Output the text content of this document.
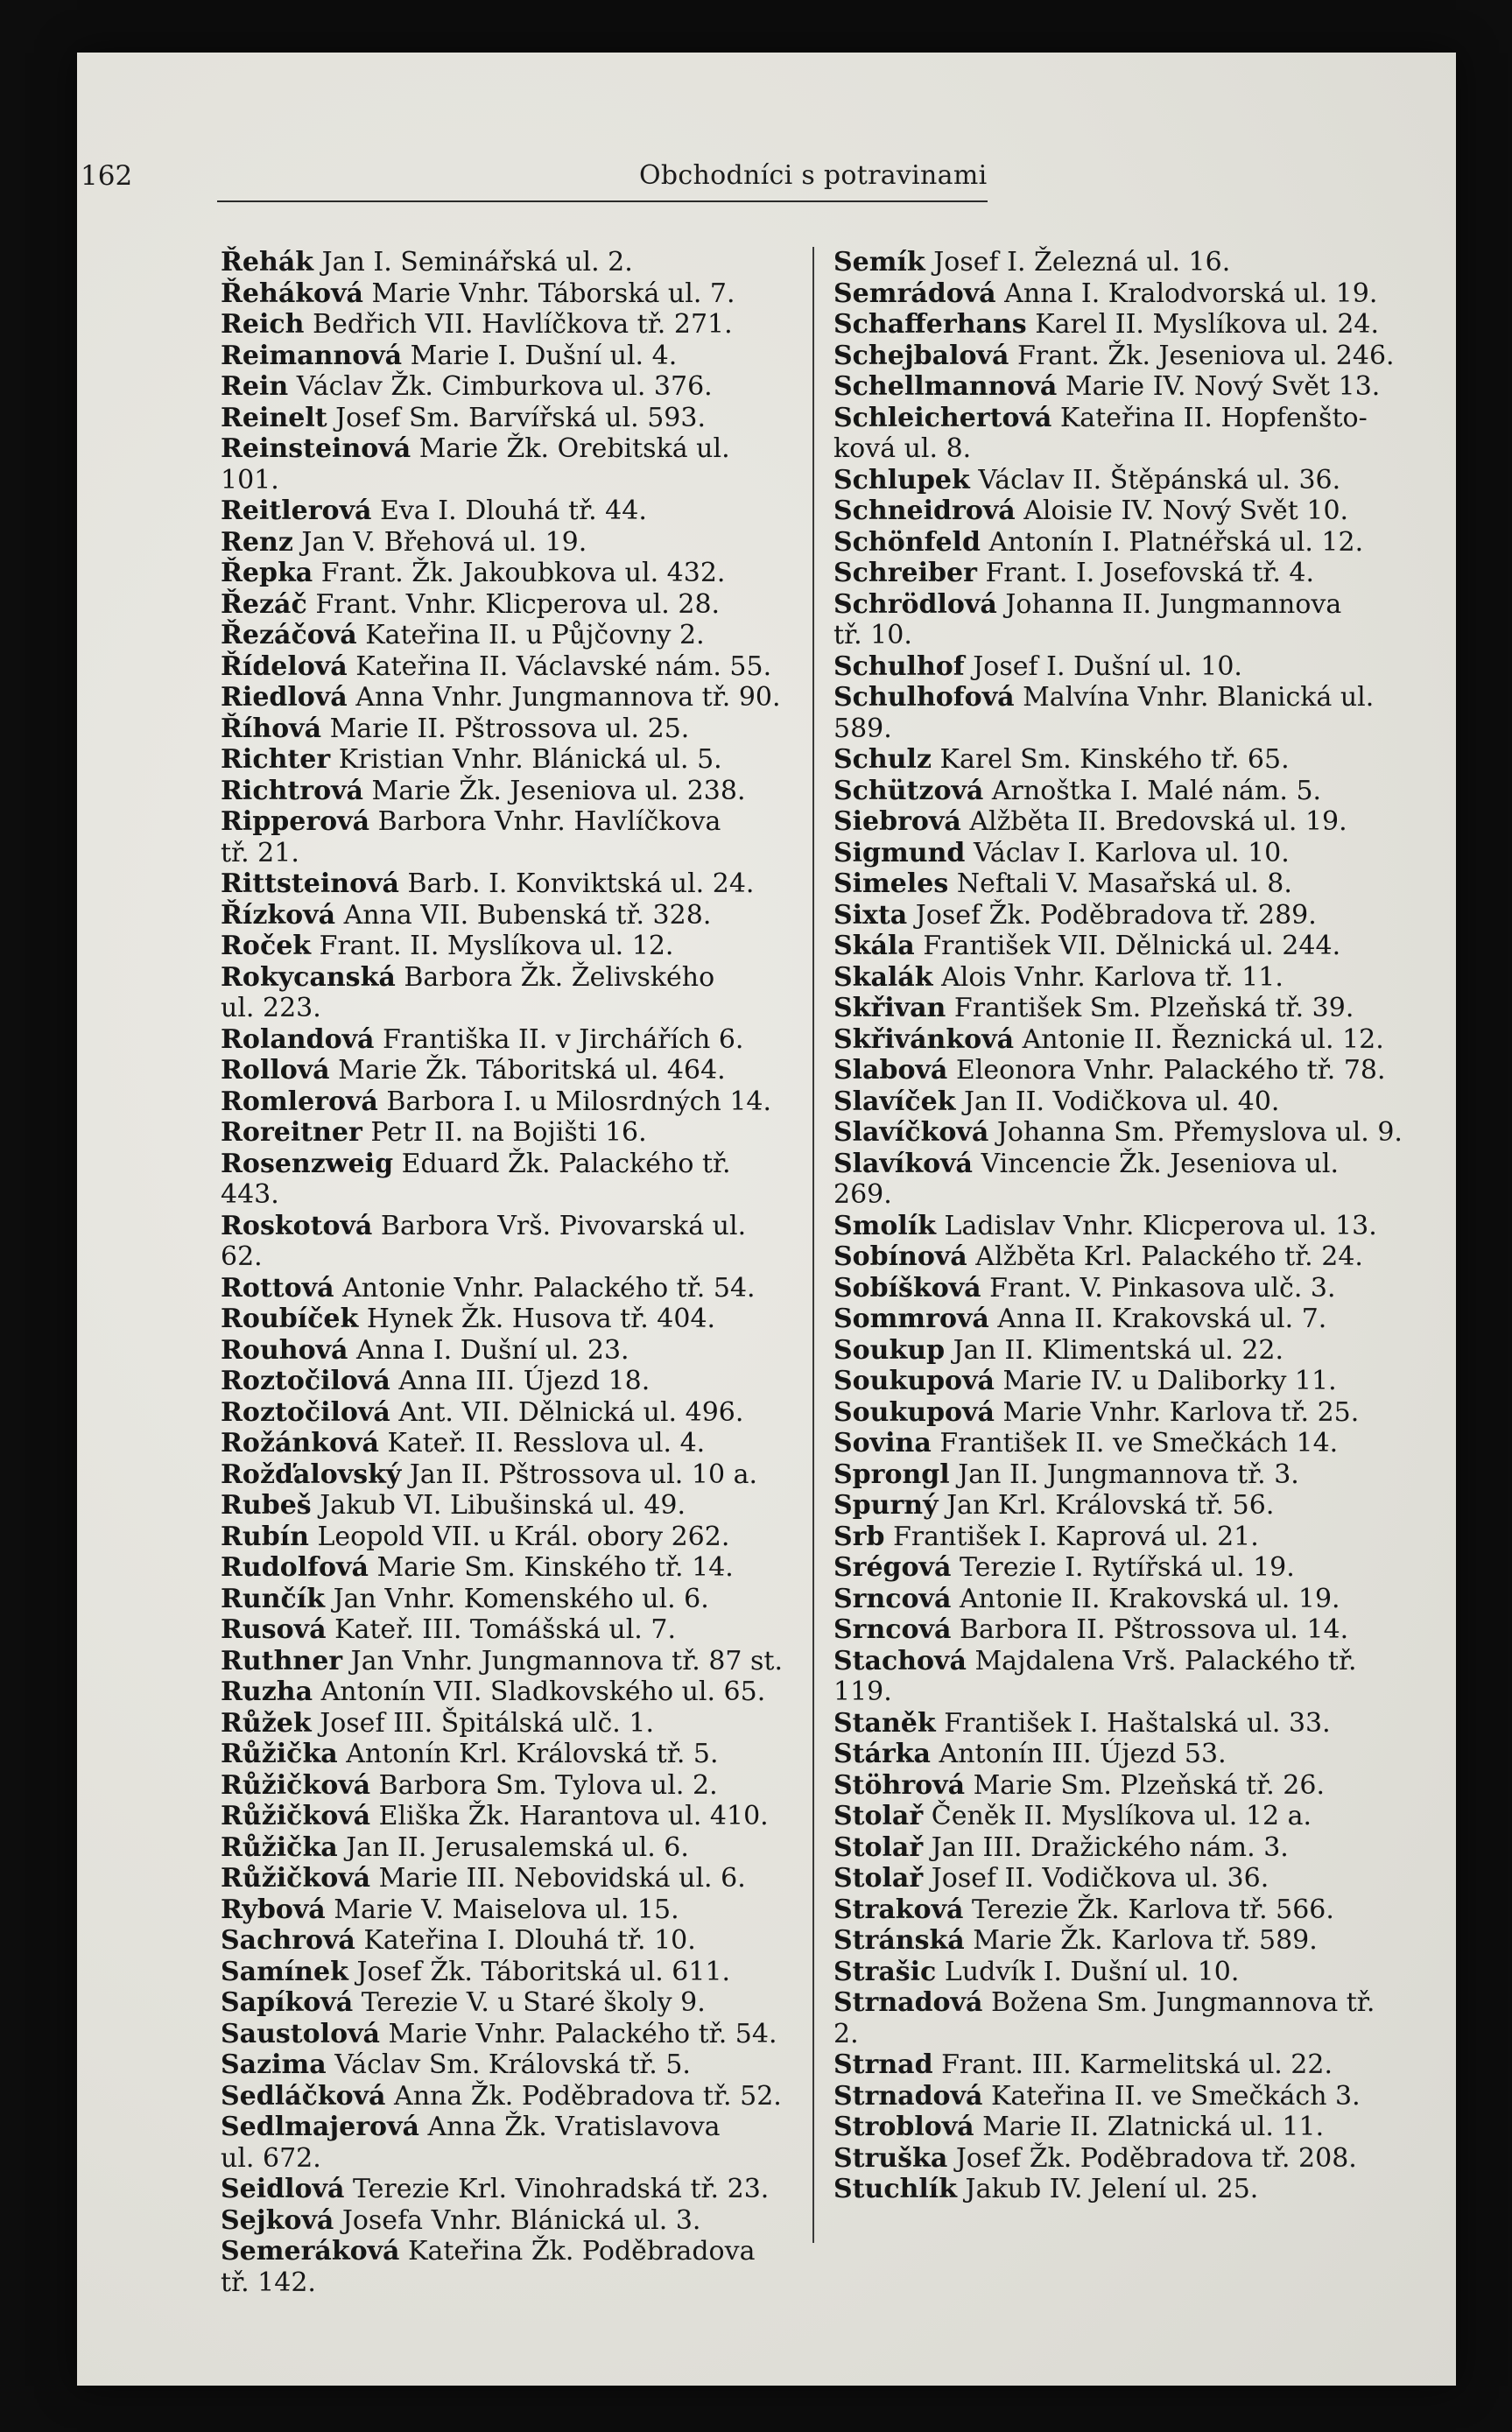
162	Obchodníci s potravinami
Řehák Jan I. Seminářská ul. 2.
Řeháková Marie Vnhr. Táborská ul. 7.
Reich Bedřich VII. Havlíčkova tř. 271.
Reimannová Marie I. Dušní ul. 4.
Rein Václav Žk. Cimburkova ul. 376.
Reinelt Josef Sm. Barvířská ul. 593.
Reinsteinová Marie Žk. Orebitská ul. 101.
Reitlerová Eva I. Dlouhá tř. 44.
Renz Jan V. Břehová ul. 19.
Řepka Frant. Žk. Jakoubkova ul. 432.
Řezáč Frant. Vnhr. Klicperova ul. 28.
Řezáčová Kateřina II. u Půjčovny 2.
Řídelová Kateřina II. Václavské nám. 55.
Riedlová Anna Vnhr. Jungmannova tř. 90.
Říhová Marie II. Pštrossova ul. 25.
Richter Kristian Vnhr. Blánická ul. 5.
Richtrová Marie Žk. Jeseniova ul. 238.
Ripperová Barbora Vnhr. Havlíčkova
tř. 21.
Rittsteinová Barb. I. Konviktská ul. 24.
Řízková Anna VII. Bubenská tř. 328.
Roček Frant. II. Myslíkova ul. 12.
Rokycanská Barbora Žk. Želivského
ul. 223.
Rolandová Františka II. v Jirchářích 6.
Rollová Marie Žk. Táboritská ul. 464.
Romlerová Barbora I. u Milosrdných 14.
Roreitner Petr II. na Bojišti 16.
Rosenzweig Eduard Žk. Palackého tř. 443.
Roskotová Barbora Vrš. Pivovarská ul. 62.
Rottová Antonie Vnhr. Palackého tř. 54.
Roubíček Hynek Žk. Husova tř. 404.
Rouhová Anna I. Dušní ul. 23.
Roztočilová Anna III. Újezd 18.
Roztočilová Ant. VII. Dělnická ul. 496.
Rožánková Kateř. II. Resslova ul. 4.
Rožďalovský Jan II. Pštrossova ul. 10 a.
Rubeš Jakub VI. Libušinská ul. 49.
Rubín Leopold VII. u Král. obory 262.
Rudolfová Marie Sm. Kinského tř. 14.
Runčík Jan Vnhr. Komenského ul. 6.
Rusová Kateř. III. Tomášská ul. 7.
Ruthner Jan Vnhr. Jungmannova tř. 87 st.
Ruzha Antonín VII. Sladkovského ul. 65.
Růžek Josef III. Špitálská ulč. 1.
Růžička Antonín Krl. Královská tř. 5.
Růžičková Barbora Sm. Tylova ul. 2.
Růžičková Eliška Žk. Harantova ul. 410.
Růžička Jan II. Jerusalemská ul. 6.
Růžičková Marie III. Nebovidská ul. 6.
Rybová Marie V. Maiselova ul. 15.
Sachrová Kateřina I. Dlouhá tř. 10.
Samínek Josef Žk. Táboritská ul. 611.
Sapíková Terezie V. u Staré školy 9.
Saustolová Marie Vnhr. Palackého tř. 54.
Sazima Václav Sm. Královská tř. 5.
Sedláčková Anna Žk. Poděbradova tř. 52.
Sedlmajerová Anna Žk. Vratislavova
ul. 672.
Seidlová Terezie Krl. Vinohradská tř. 23.
Sejková Josefa Vnhr. Blánická ul. 3.
Semeráková Kateřina Žk. Poděbradova
tř. 142.
Semík Josef I. Železná ul. 16.
Semrádová Anna I. Kralodvorská ul. 19.
Schafferhans Karel II. Myslíkova ul. 24.
Schejbalová Frant. Žk. Jeseniova ul. 246.
Schellmannová Marie IV. Nový Svět 13.
Schleichertová Kateřina II. Hopfenšto-
ková ul. 8.
Schlupek Václav II. Štěpánská ul. 36.
Schneidrová Aloisie IV. Nový Svět 10.
Schönfeld Antonín I. Platnéřská ul. 12.
Schreiber Frant. I. Josefovská tř. 4.
Schrödlová Johanna II. Jungmannova
tř. 10.
Schulhof Josef I. Dušní ul. 10.
Schulhofová Malvína Vnhr. Blanická ul.
589.
Schulz Karel Sm. Kinského tř. 65.
Schützová Arnoštka I. Malé nám. 5.
Siebrová Alžběta II. Bredovská ul. 19.
Sigmund Václav I. Karlova ul. 10.
Simeles Neftali V. Masařská ul. 8.
Sixta Josef Žk. Poděbradova tř. 289.
Skála František VII. Dělnická ul. 244.
Skalák Alois Vnhr. Karlova tř. 11.
Skřivan František Sm. Plzeňská tř. 39.
Skřivánková Antonie II. Řeznická ul. 12.
Slabová Eleonora Vnhr. Palackého tř. 78.
Slavíček Jan II. Vodičkova ul. 40.
Slavíčková Johanna Sm. Přemyslova ul. 9.
Slavíková Vincencie Žk. Jeseniova ul.
269.
Smolík Ladislav Vnhr. Klicperova ul. 13.
Sobínová Alžběta Krl. Palackého tř. 24.
Sobíšková Frant. V. Pinkasova ulč. 3.
Sommrová Anna II. Krakovská ul. 7.
Soukup Jan II. Klimentská ul. 22.
Soukupová Marie IV. u Daliborky 11.
Soukupová Marie Vnhr. Karlova tř. 25.
Sovina František II. ve Smečkách 14.
Sprongl Jan II. Jungmannova tř. 3.
Spurný Jan Krl. Královská tř. 56.
Srb František I. Kaprová ul. 21.
Srégová Terezie I. Rytířská ul. 19.
Srncová Antonie II. Krakovská ul. 19.
Srncová Barbora II. Pštrossova ul. 14.
Stachová Majdalena Vrš. Palackého tř.
119.
Staněk František I. Haštalská ul. 33.
Stárka Antonín III. Újezd 53.
Stöhrová Marie Sm. Plzeňská tř. 26.
Stolař Čeněk II. Myslíkova ul. 12 a.
Stolař Jan III. Dražického nám. 3.
Stolař Josef II. Vodičkova ul. 36.
Straková Terezie Žk. Karlova tř. 566.
Stránská Marie Žk. Karlova tř. 589.
Strašic Ludvík I. Dušní ul. 10.
Strnadová Božena Sm. Jungmannova tř. 2.
Strnad Frant. III. Karmelitská ul. 22.
Strnadová Kateřina II. ve Smečkách 3.
Stroblová Marie II. Zlatnická ul. 11.
Struška Josef Žk. Poděbradova tř. 208.
Stuchlík Jakub IV. Jelení ul. 25.
